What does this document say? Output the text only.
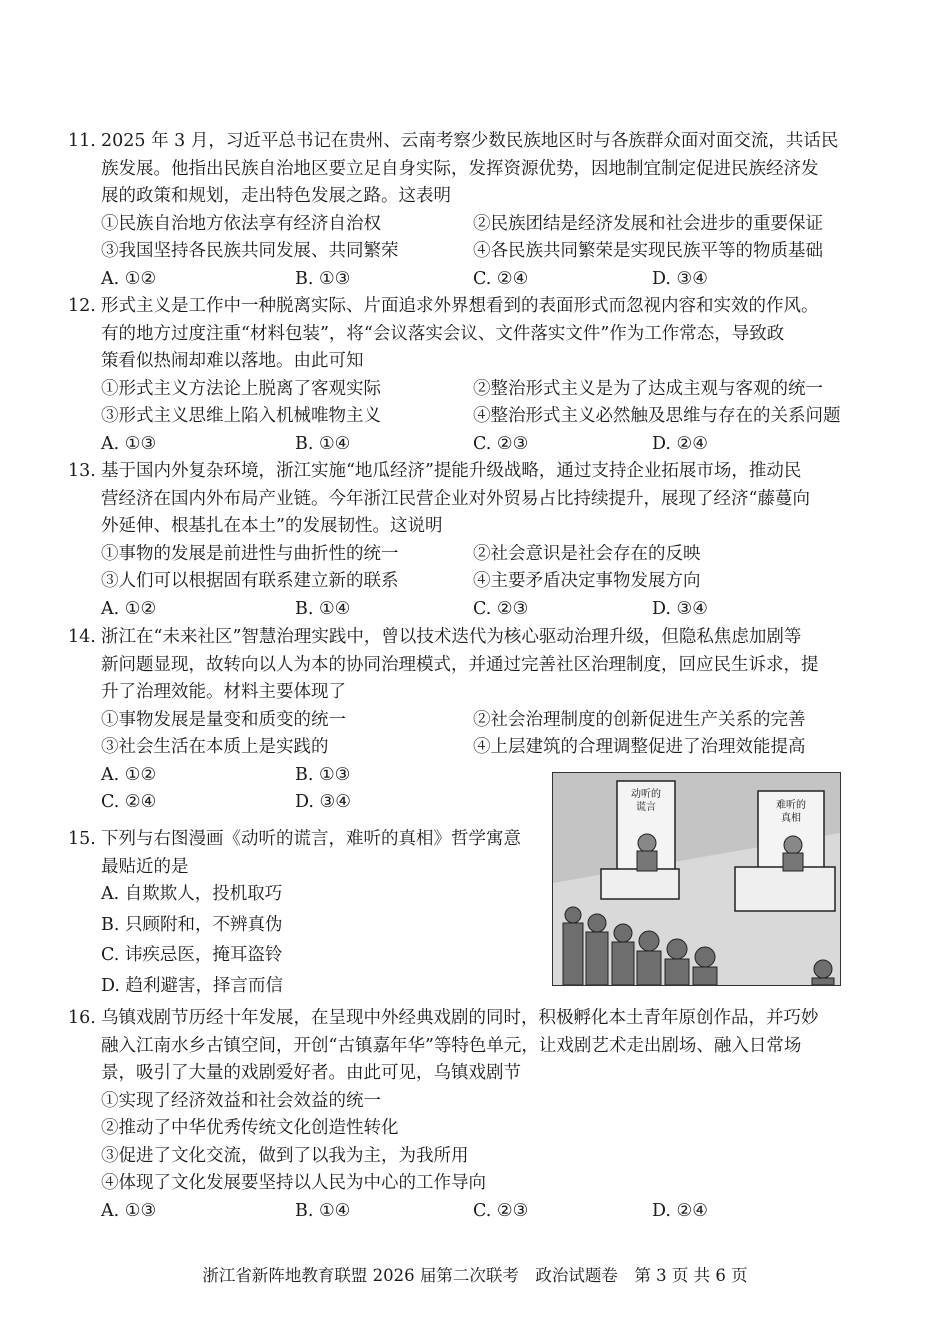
11. 2025 年 3 月，习近平总书记在贵州、云南考察少数民族地区时与各族群众面对面交流，共话民
族发展。他指出民族自治地区要立足自身实际，发挥资源优势，因地制宜制定促进民族经济发
展的政策和规划，走出特色发展之路。这表明
①民族自治地方依法享有经济自治权	②民族团结是经济发展和社会进步的重要保证
③我国坚持各民族共同发展、共同繁荣	④各民族共同繁荣是实现民族平等的物质基础
A. ①②	B. ①③	C. ②④	D. ③④
12. 形式主义是工作中一种脱离实际、片面追求外界想看到的表面形式而忽视内容和实效的作风。
有的地方过度注重“材料包装”，将“会议落实会议、文件落实文件”作为工作常态，导致政
策看似热闹却难以落地。由此可知
①形式主义方法论上脱离了客观实际	②整治形式主义是为了达成主观与客观的统一
③形式主义思维上陷入机械唯物主义	④整治形式主义必然触及思维与存在的关系问题
A. ①③	B. ①④	C. ②③	D. ②④
13. 基于国内外复杂环境，浙江实施“地瓜经济”提能升级战略，通过支持企业拓展市场，推动民
营经济在国内外布局产业链。今年浙江民营企业对外贸易占比持续提升，展现了经济“藤蔓向
外延伸、根基扎在本土”的发展韧性。这说明
①事物的发展是前进性与曲折性的统一	②社会意识是社会存在的反映
③人们可以根据固有联系建立新的联系	④主要矛盾决定事物发展方向
A. ①②	B. ①④	C. ②③	D. ③④
14. 浙江在“未来社区”智慧治理实践中，曾以技术迭代为核心驱动治理升级，但隐私焦虑加剧等
新问题显现，故转向以人为本的协同治理模式，并通过完善社区治理制度，回应民生诉求，提
升了治理效能。材料主要体现了
①事物发展是量变和质变的统一	②社会治理制度的创新促进生产关系的完善
③社会生活在本质上是实践的	④上层建筑的合理调整促进了治理效能提高
A. ①②	B. ①③
C. ②④	D. ③④
15. 下列与右图漫画《动听的谎言，难听的真相》哲学寓意
最贴近的是
A. 自欺欺人，投机取巧
B. 只顾附和，不辨真伪
C. 讳疾忌医，掩耳盗铃
D. 趋利避害，择言而信
动听的
谎言	难听的
真相
16. 乌镇戏剧节历经十年发展，在呈现中外经典戏剧的同时，积极孵化本土青年原创作品，并巧妙
融入江南水乡古镇空间，开创“古镇嘉年华”等特色单元，让戏剧艺术走出剧场、融入日常场
景，吸引了大量的戏剧爱好者。由此可见，乌镇戏剧节
①实现了经济效益和社会效益的统一
②推动了中华优秀传统文化创造性转化
③促进了文化交流，做到了以我为主，为我所用
④体现了文化发展要坚持以人民为中心的工作导向
A. ①③	B. ①④	C. ②③	D. ②④
浙江省新阵地教育联盟 2026 届第二次联考　政治试题卷　第 3 页 共 6 页
